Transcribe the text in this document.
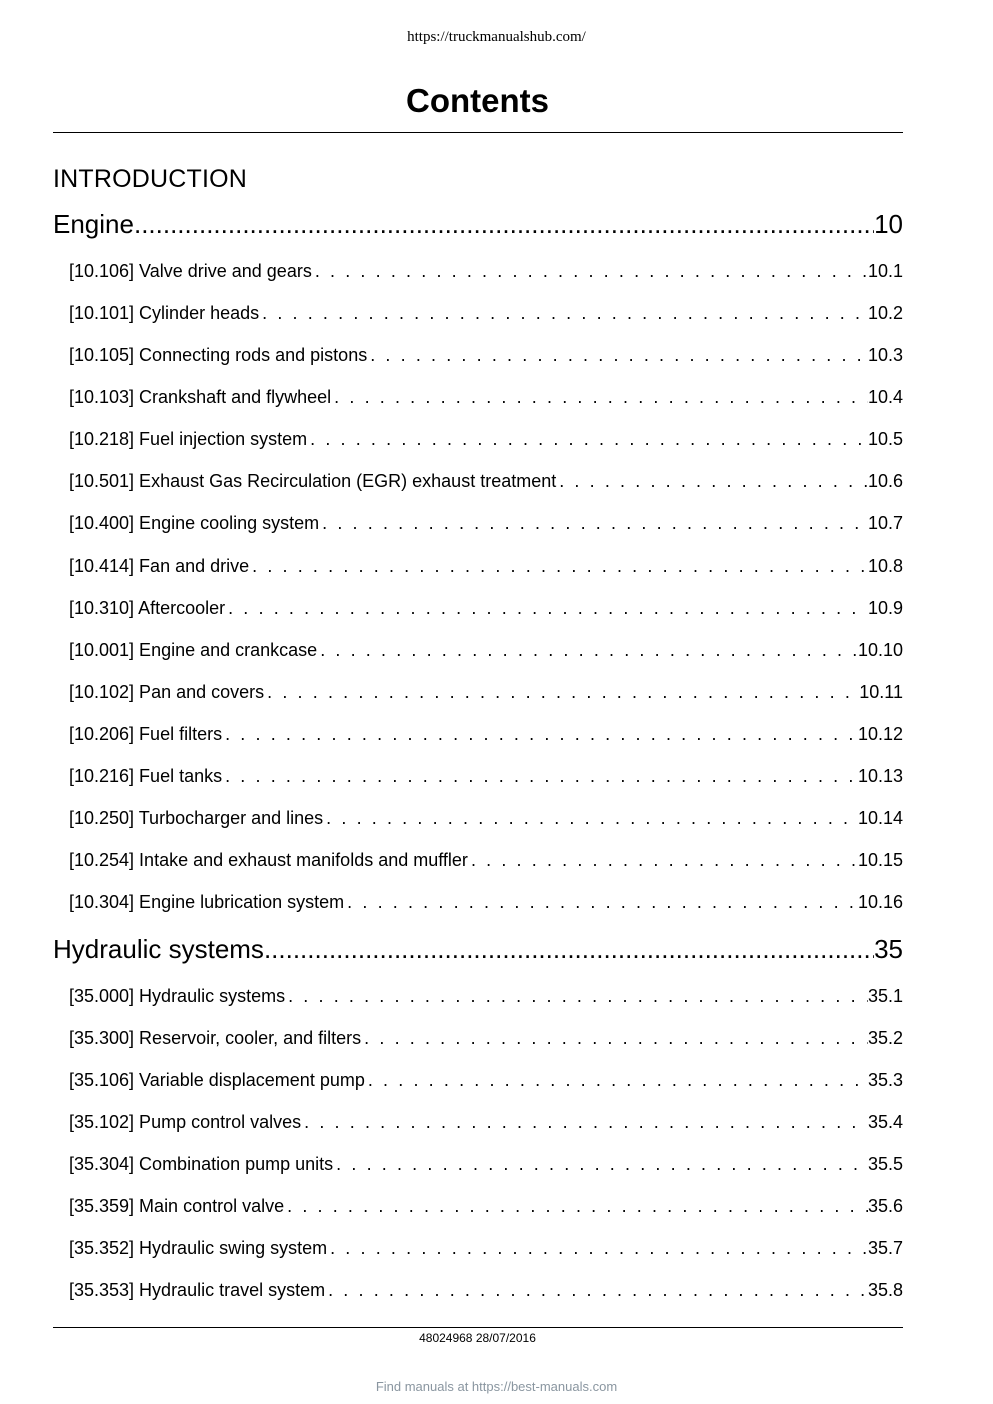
https://truckmanualshub.com/
Contents
INTRODUCTION
Engine .....	10
[10.106] Valve drive and gears . . .	10.1
[10.101] Cylinder heads . . .	10.2
[10.105] Connecting rods and pistons . . .	10.3
[10.103] Crankshaft and flywheel . . .	10.4
[10.218] Fuel injection system . . .	10.5
[10.501] Exhaust Gas Recirculation (EGR) exhaust treatment . . .	10.6
[10.400] Engine cooling system . . .	10.7
[10.414] Fan and drive . . .	10.8
[10.310] Aftercooler . . .	10.9
[10.001] Engine and crankcase . . .	10.10
[10.102] Pan and covers . . .	10.11
[10.206] Fuel filters . . .	10.12
[10.216] Fuel tanks . . .	10.13
[10.250] Turbocharger and lines . . .	10.14
[10.254] Intake and exhaust manifolds and muffler . . .	10.15
[10.304] Engine lubrication system . . .	10.16
Hydraulic systems .....	35
[35.000] Hydraulic systems . . .	35.1
[35.300] Reservoir, cooler, and filters . . .	35.2
[35.106] Variable displacement pump . . .	35.3
[35.102] Pump control valves . . .	35.4
[35.304] Combination pump units . . .	35.5
[35.359] Main control valve . . .	35.6
[35.352] Hydraulic swing system . . .	35.7
[35.353] Hydraulic travel system . . .	35.8
48024968 28/07/2016
Find manuals at https://best-manuals.com
